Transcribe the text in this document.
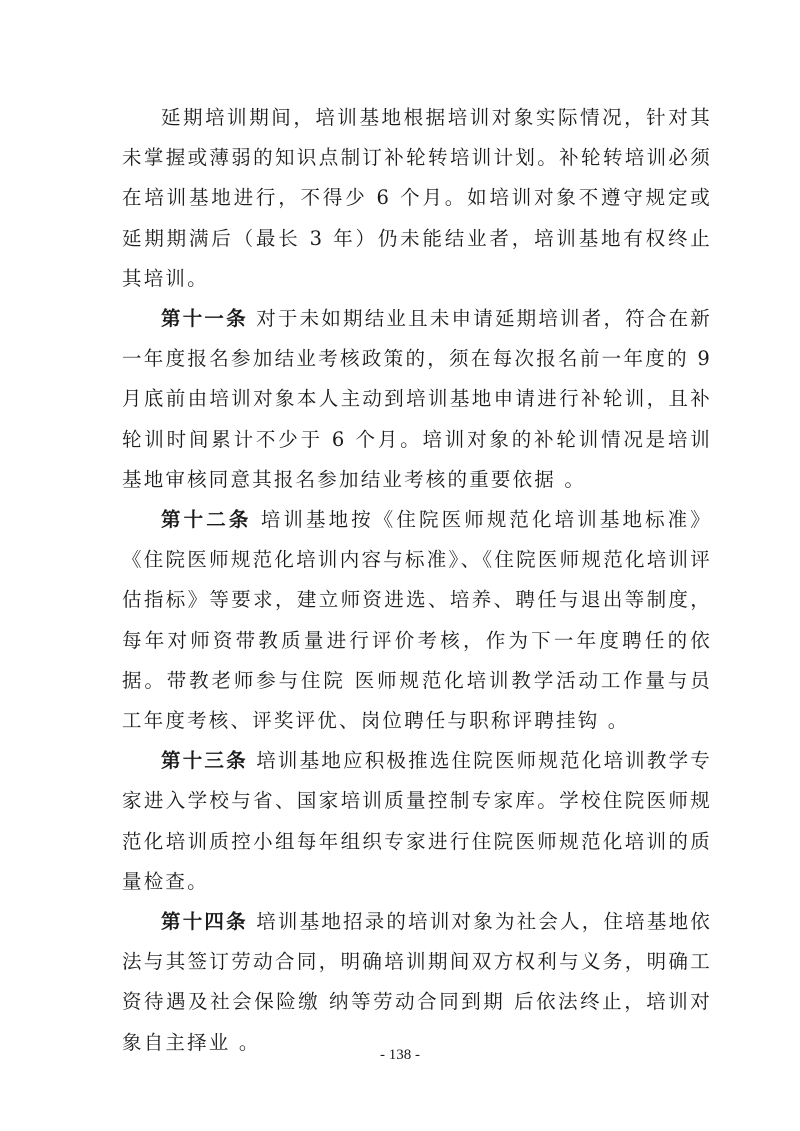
延期培训期间，培训基地根据培训对象实际情况，针对其未掌握或薄弱的知识点制订补轮转培训计划。补轮转培训必须在培训基地进行，不得少 6 个月。如培训对象不遵守规定或延期期满后（最长 3 年）仍未能结业者，培训基地有权终止其培训。

第十一条 对于未如期结业且未申请延期培训者，符合在新一年度报名参加结业考核政策的，须在每次报名前一年度的 9 月底前由培训对象本人主动到培训基地申请进行补轮训，且补轮训时间累计不少于 6 个月。培训对象的补轮训情况是培训基地审核同意其报名参加结业考核的重要依据 。

第十二条 培训基地按《住院医师规范化培训基地标准》《住院医师规范化培训内容与标准》、《住院医师规范化培训评估指标》等要求，建立师资进选、培养、聘任与退出等制度，每年对师资带教质量进行评价考核，作为下一年度聘任的依据。带教老师参与住院 医师规范化培训教学活动工作量与员工年度考核、评奖评优、岗位聘任与职称评聘挂钩 。

第十三条 培训基地应积极推选住院医师规范化培训教学专家进入学校与省、国家培训质量控制专家库。学校住院医师规范化培训质控小组每年组织专家进行住院医师规范化培训的质量检查。

第十四条 培训基地招录的培训对象为社会人，住培基地依法与其签订劳动合同，明确培训期间双方权利与义务，明确工资待遇及社会保险缴 纳等劳动合同到期 后依法终止，培训对象自主择业 。

- 138 -
